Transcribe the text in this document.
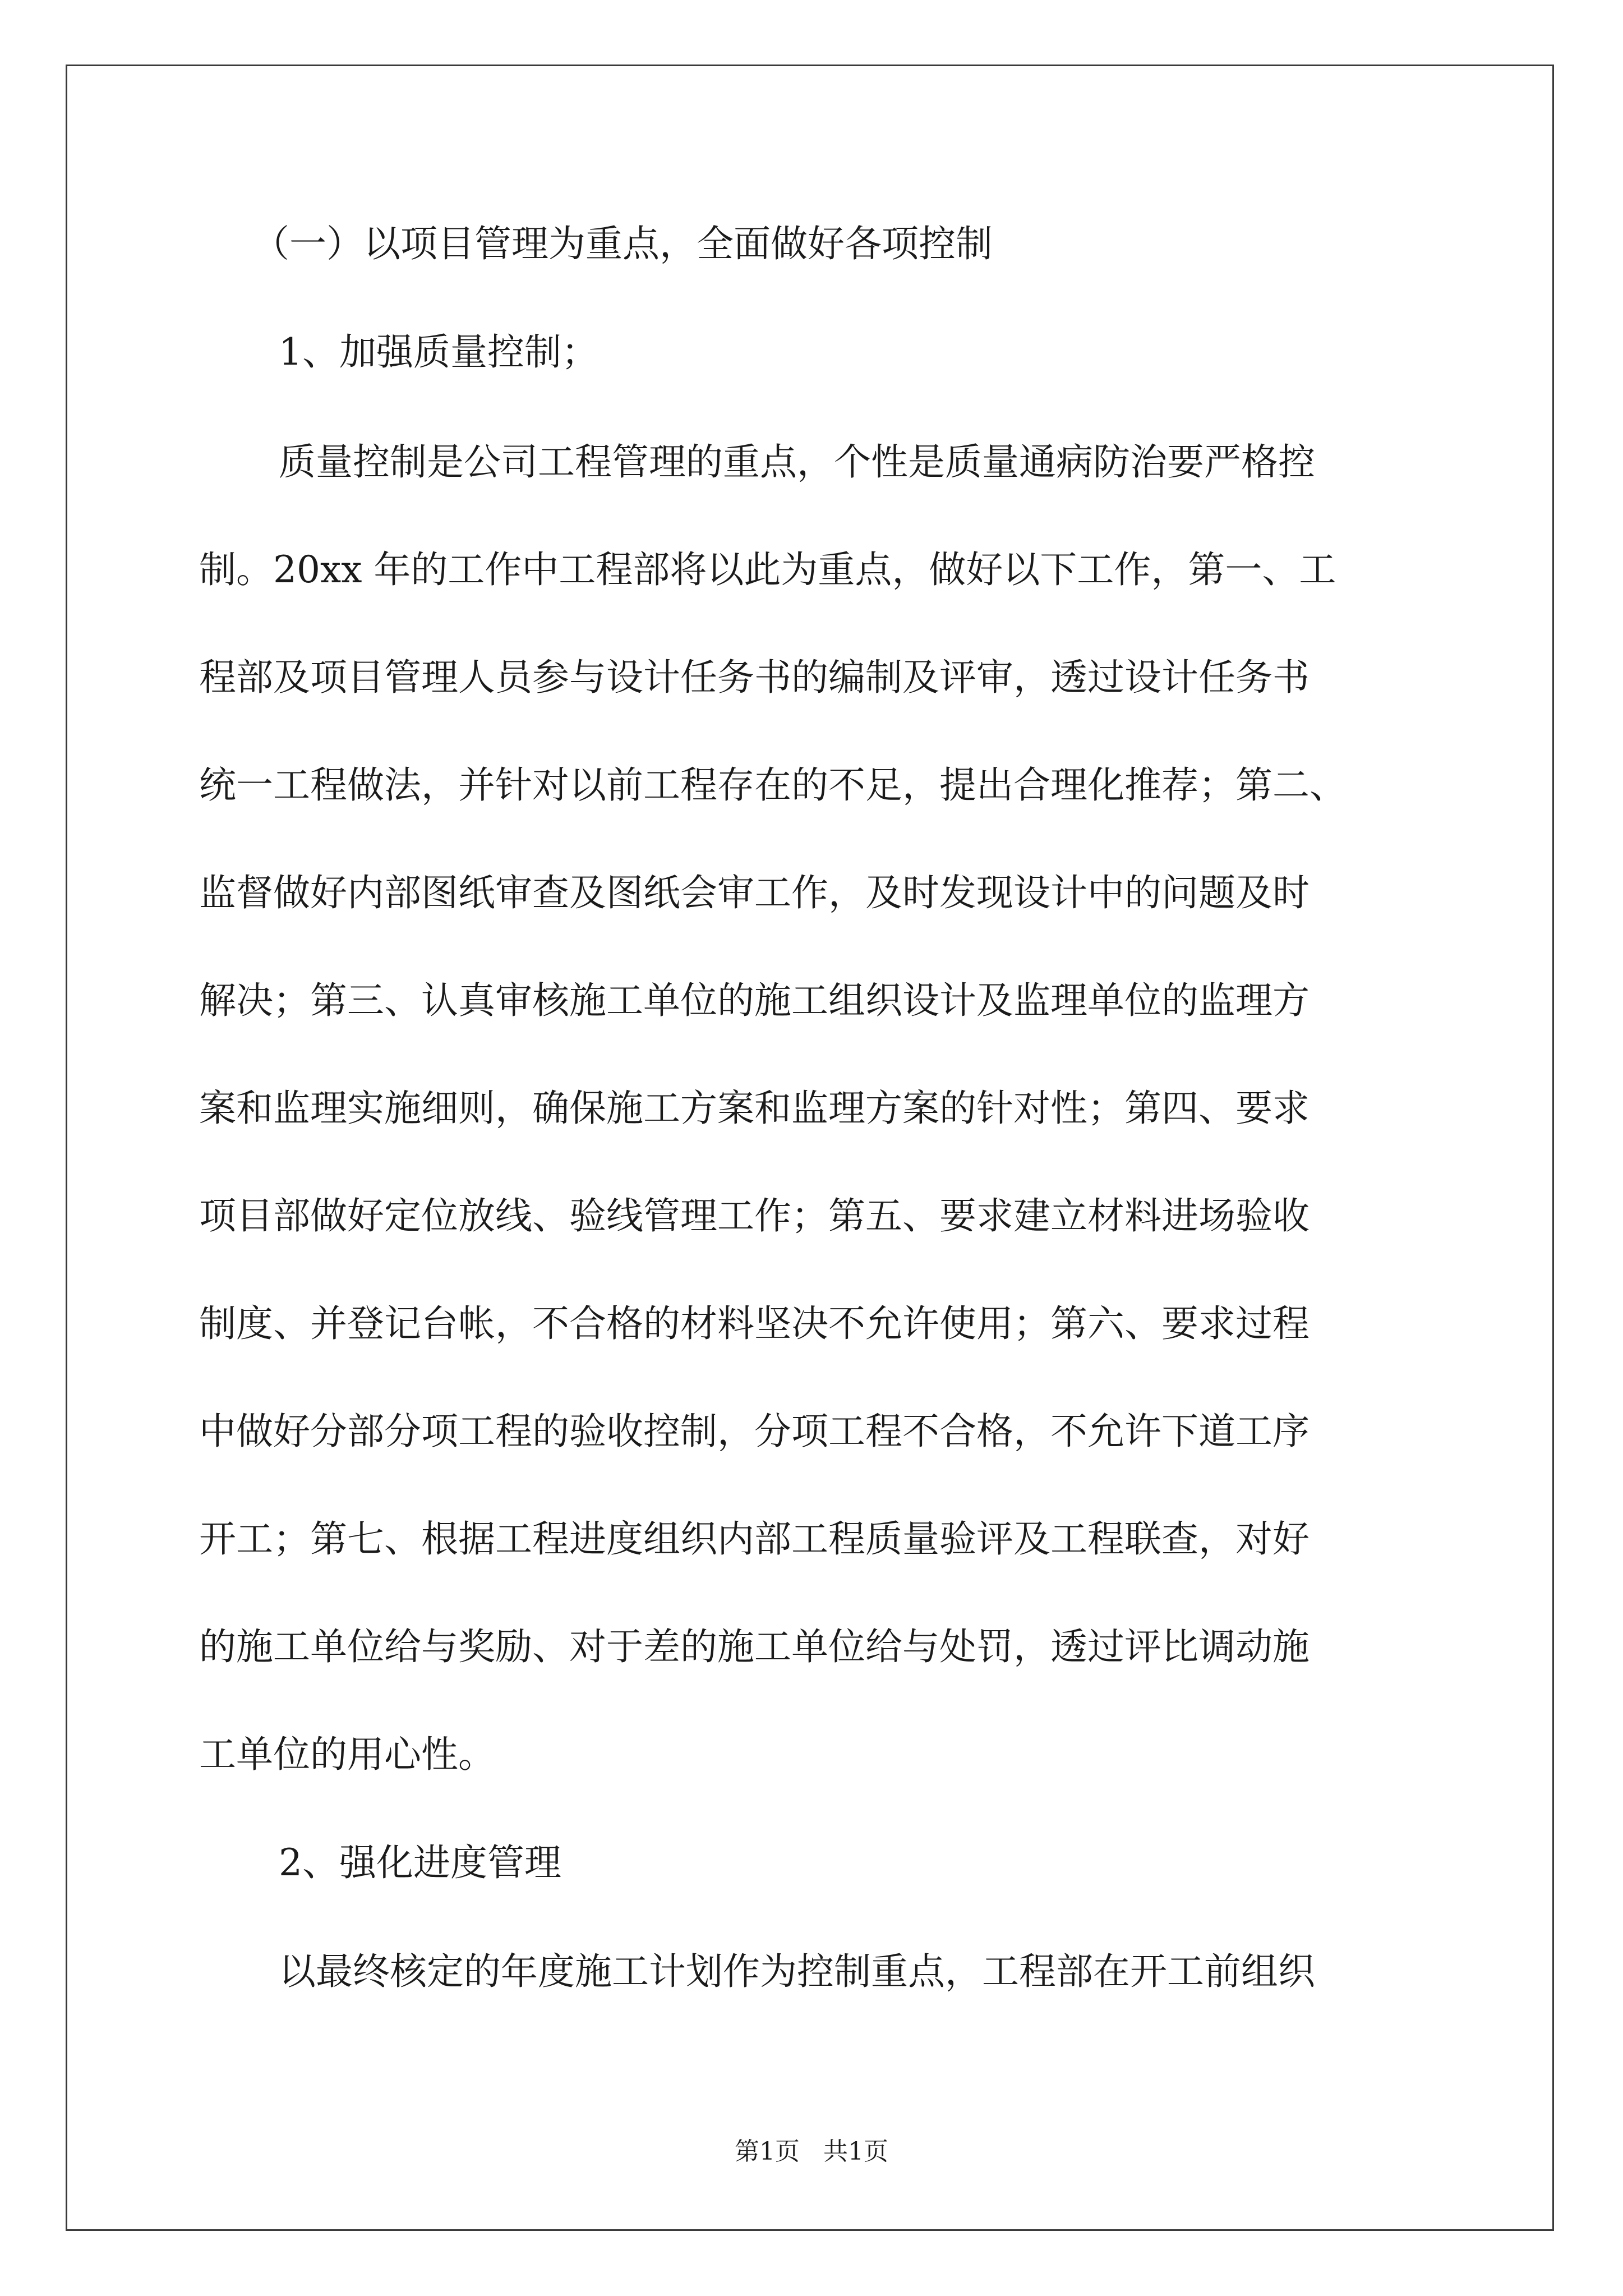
（一）以项目管理为重点，全面做好各项控制
1、加强质量控制；
质量控制是公司工程管理的重点，个性是质量通病防治要严格控
制。20xx 年的工作中工程部将以此为重点，做好以下工作，第一、工
程部及项目管理人员参与设计任务书的编制及评审，透过设计任务书
统一工程做法，并针对以前工程存在的不足，提出合理化推荐；第二、
监督做好内部图纸审查及图纸会审工作，及时发现设计中的问题及时
解决；第三、认真审核施工单位的施工组织设计及监理单位的监理方
案和监理实施细则，确保施工方案和监理方案的针对性；第四、要求
项目部做好定位放线、验线管理工作；第五、要求建立材料进场验收
制度、并登记台帐，不合格的材料坚决不允许使用；第六、要求过程
中做好分部分项工程的验收控制，分项工程不合格，不允许下道工序
开工；第七、根据工程进度组织内部工程质量验评及工程联查，对好
的施工单位给与奖励、对于差的施工单位给与处罚，透过评比调动施
工单位的用心性。
2、强化进度管理
以最终核定的年度施工计划作为控制重点，工程部在开工前组织
第1页   共1页
